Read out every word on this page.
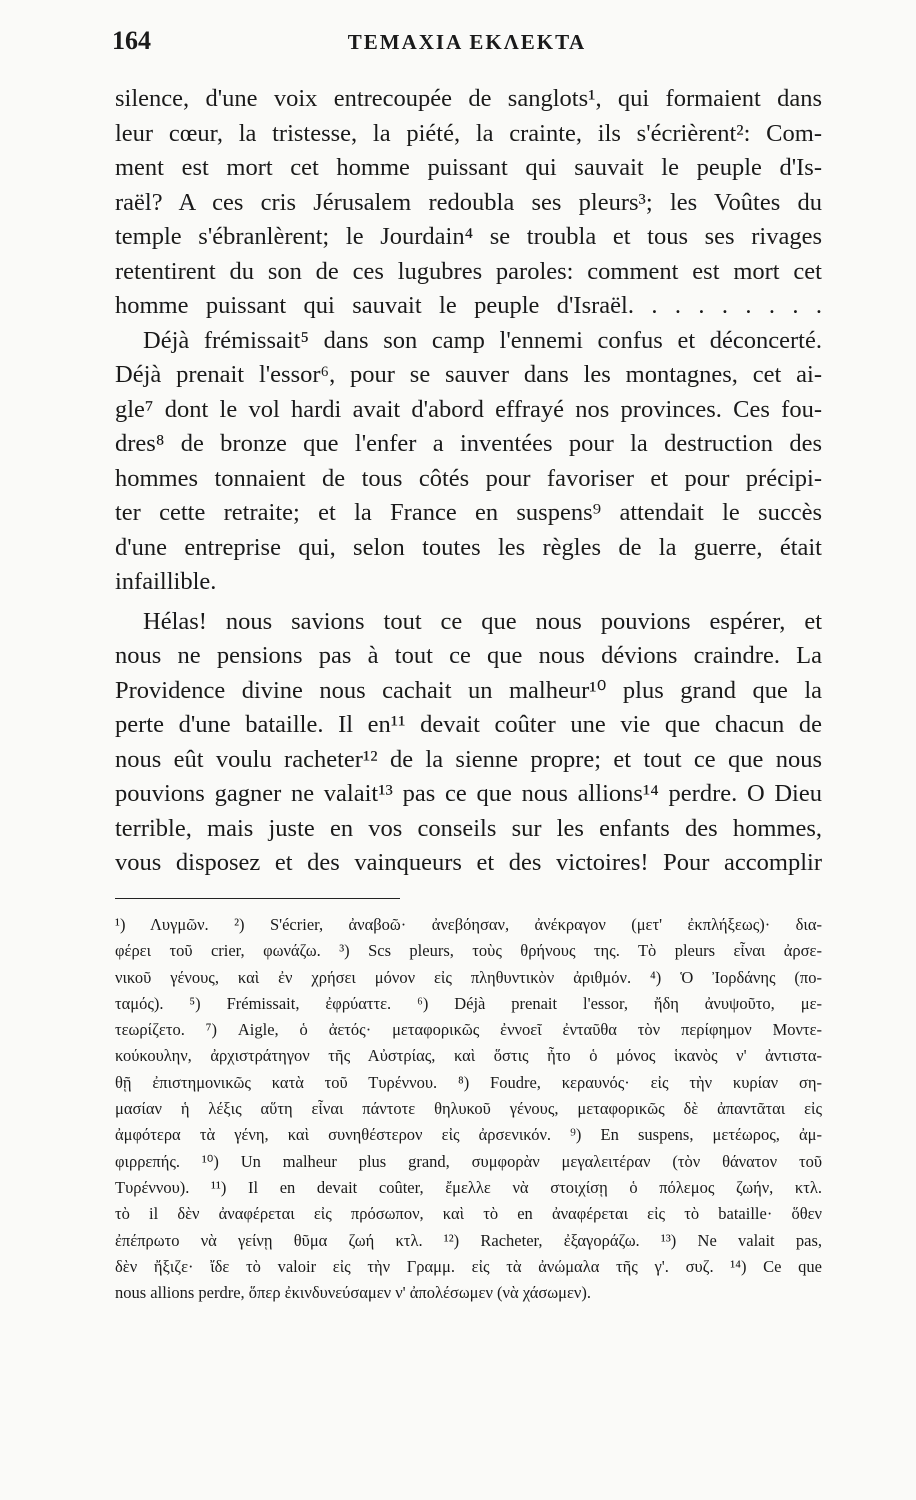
164	ΤΕΜΑΧΙΑ ΕΚΛΕΚΤΑ
silence, d'une voix entrecoupée de sanglots¹, qui formaient dans
leur cœur, la tristesse, la piété, la crainte, ils s'écrièrent²: Com-
ment est mort cet homme puissant qui sauvait le peuple d'Is-
raël? A ces cris Jérusalem redoubla ses pleurs³; les Voûtes du
temple s'ébranlèrent; le Jourdain⁴ se troubla et tous ses rivages
retentirent du son de ces lugubres paroles: comment est mort cet
homme puissant qui sauvait le peuple d'Israël. . . . . . . . .
Déjà frémissait⁵ dans son camp l'ennemi confus et déconcerté.
Déjà prenait l'essor⁶, pour se sauver dans les montagnes, cet ai-
gle⁷ dont le vol hardi avait d'abord effrayé nos provinces. Ces fou-
dres⁸ de bronze que l'enfer a inventées pour la destruction des
hommes tonnaient de tous côtés pour favoriser et pour précipi-
ter cette retraite; et la France en suspens⁹ attendait le succès
d'une entreprise qui, selon toutes les règles de la guerre, était
infaillible.
Hélas! nous savions tout ce que nous pouvions espérer, et
nous ne pensions pas à tout ce que nous dévions craindre. La
Providence divine nous cachait un malheur¹⁰ plus grand que la
perte d'une bataille. Il en¹¹ devait coûter une vie que chacun de
nous eût voulu racheter¹² de la sienne propre; et tout ce que nous
pouvions gagner ne valait¹³ pas ce que nous allions¹⁴ perdre. O Dieu
terrible, mais juste en vos conseils sur les enfants des hommes,
vous disposez et des vainqueurs et des victoires! Pour accomplir
¹) Λυγμῶν. ²) S'écrier, ἀναβοῶ· ἀνεβόησαν, ἀνέκραγον (μετ' ἐκπλήξεως)· δια-
φέρει τοῦ crier, φωνάζω. ³) Scs pleurs, τοὺς θρήνους της. Τὸ pleurs εἶναι ἀρσε-
νικοῦ γένους, καὶ ἐν χρήσει μόνον εἰς πληθυντικὸν ἀριθμόν. ⁴) Ὁ Ἰορδάνης (πο-
ταμός). ⁵) Frémissait, ἐφρύαττε. ⁶) Déjà prenait l'essor, ἤδη ἀνυψοῦτο, με-
τεωρίζετο. ⁷) Aigle, ὁ ἀετός· μεταφορικῶς ἐννοεῖ ἐνταῦθα τὸν περίφημον Μοντε-
κούκουλην, ἀρχιστράτηγον τῆς Αὐστρίας, καὶ ὅστις ἦτο ὁ μόνος ἱκανὸς ν' ἀντιστα-
θῇ ἐπιστημονικῶς κατὰ τοῦ Τυρέννου. ⁸) Foudre, κεραυνός· εἰς τὴν κυρίαν ση-
μασίαν ἡ λέξις αὕτη εἶναι πάντοτε θηλυκοῦ γένους, μεταφορικῶς δὲ ἀπαντᾶται εἰς
ἀμφότερα τὰ γένη, καὶ συνηθέστερον εἰς ἀρσενικόν. ⁹) En suspens, μετέωρος, ἀμ-
φιρρεπής. ¹⁰) Un malheur plus grand, συμφορὰν μεγαλειτέραν (τὸν θάνατον τοῦ
Τυρέννου). ¹¹) Il en devait coûter, ἔμελλε νὰ στοιχίσῃ ὁ πόλεμος ζωήν, κτλ.
τὸ il δὲν ἀναφέρεται εἰς πρόσωπον, καὶ τὸ en ἀναφέρεται εἰς τὸ bataille· ὅθεν
ἐπέπρωτο νὰ γείνῃ θῦμα ζωή κτλ. ¹²) Racheter, ἐξαγοράζω. ¹³) Ne valait pas,
δὲν ἤξιζε· ἴδε τὸ valoir εἰς τὴν Γραμμ. εἰς τὰ ἀνώμαλα τῆς γ'. συζ. ¹⁴) Ce que
nous allions perdre, ὅπερ ἐκινδυνεύσαμεν ν' ἀπολέσωμεν (νὰ χάσωμεν).
